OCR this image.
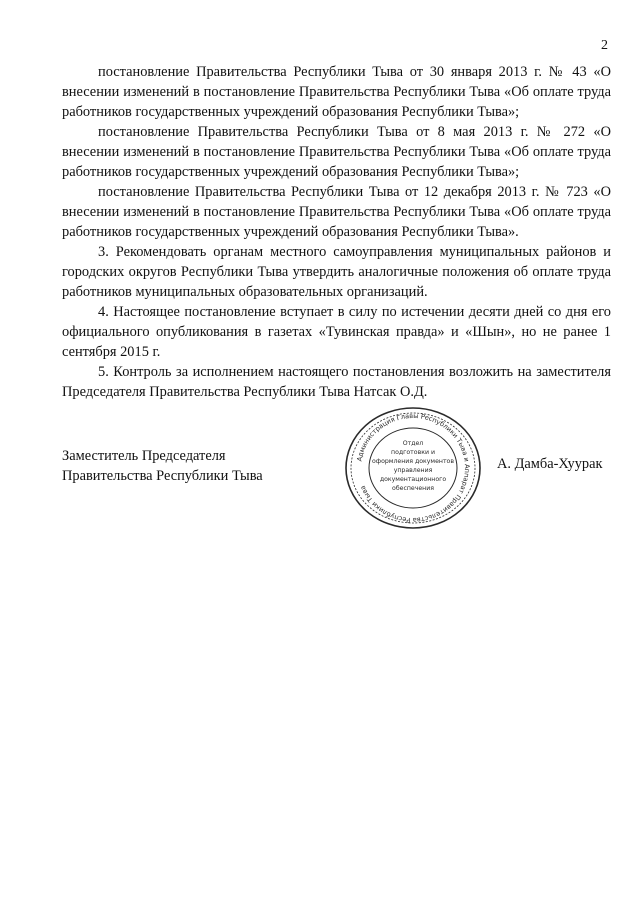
2

постановление Правительства Республики Тыва от 30 января 2013 г. № 43 «О внесении изменений в постановление Правительства Республики Тыва «Об оплате труда работников государственных учреждений образования Республики Тыва»;

постановление Правительства Республики Тыва от 8 мая 2013 г. № 272 «О внесении изменений в постановление Правительства Республики Тыва «Об оплате труда работников государственных учреждений образования Республики Тыва»;

постановление Правительства Республики Тыва от 12 декабря 2013 г. № 723 «О внесении изменений в постановление Правительства Республики Тыва «Об оплате труда работников государственных учреждений образования Республики Тыва».

3. Рекомендовать органам местного самоуправления муниципальных районов и городских округов Республики Тыва утвердить аналогичные положения об оплате труда работников муниципальных образовательных организаций.

4. Настоящее постановление вступает в силу по истечении десяти дней со дня его официального опубликования в газетах «Тувинская правда» и «Шын», но не ранее 1 сентября 2015 г.

5. Контроль за исполнением настоящего постановления возложить на заместителя Председателя Правительства Республики Тыва Натсак О.Д.

Заместитель Председателя
Правительства Республики Тыва
Администрация Главы Республики Тыва и Аппарат Правительства Республики Тыва
Отдел
подготовки и
оформления документов
управления
документационного
обеспечения
А. Дамба-Хуурак
